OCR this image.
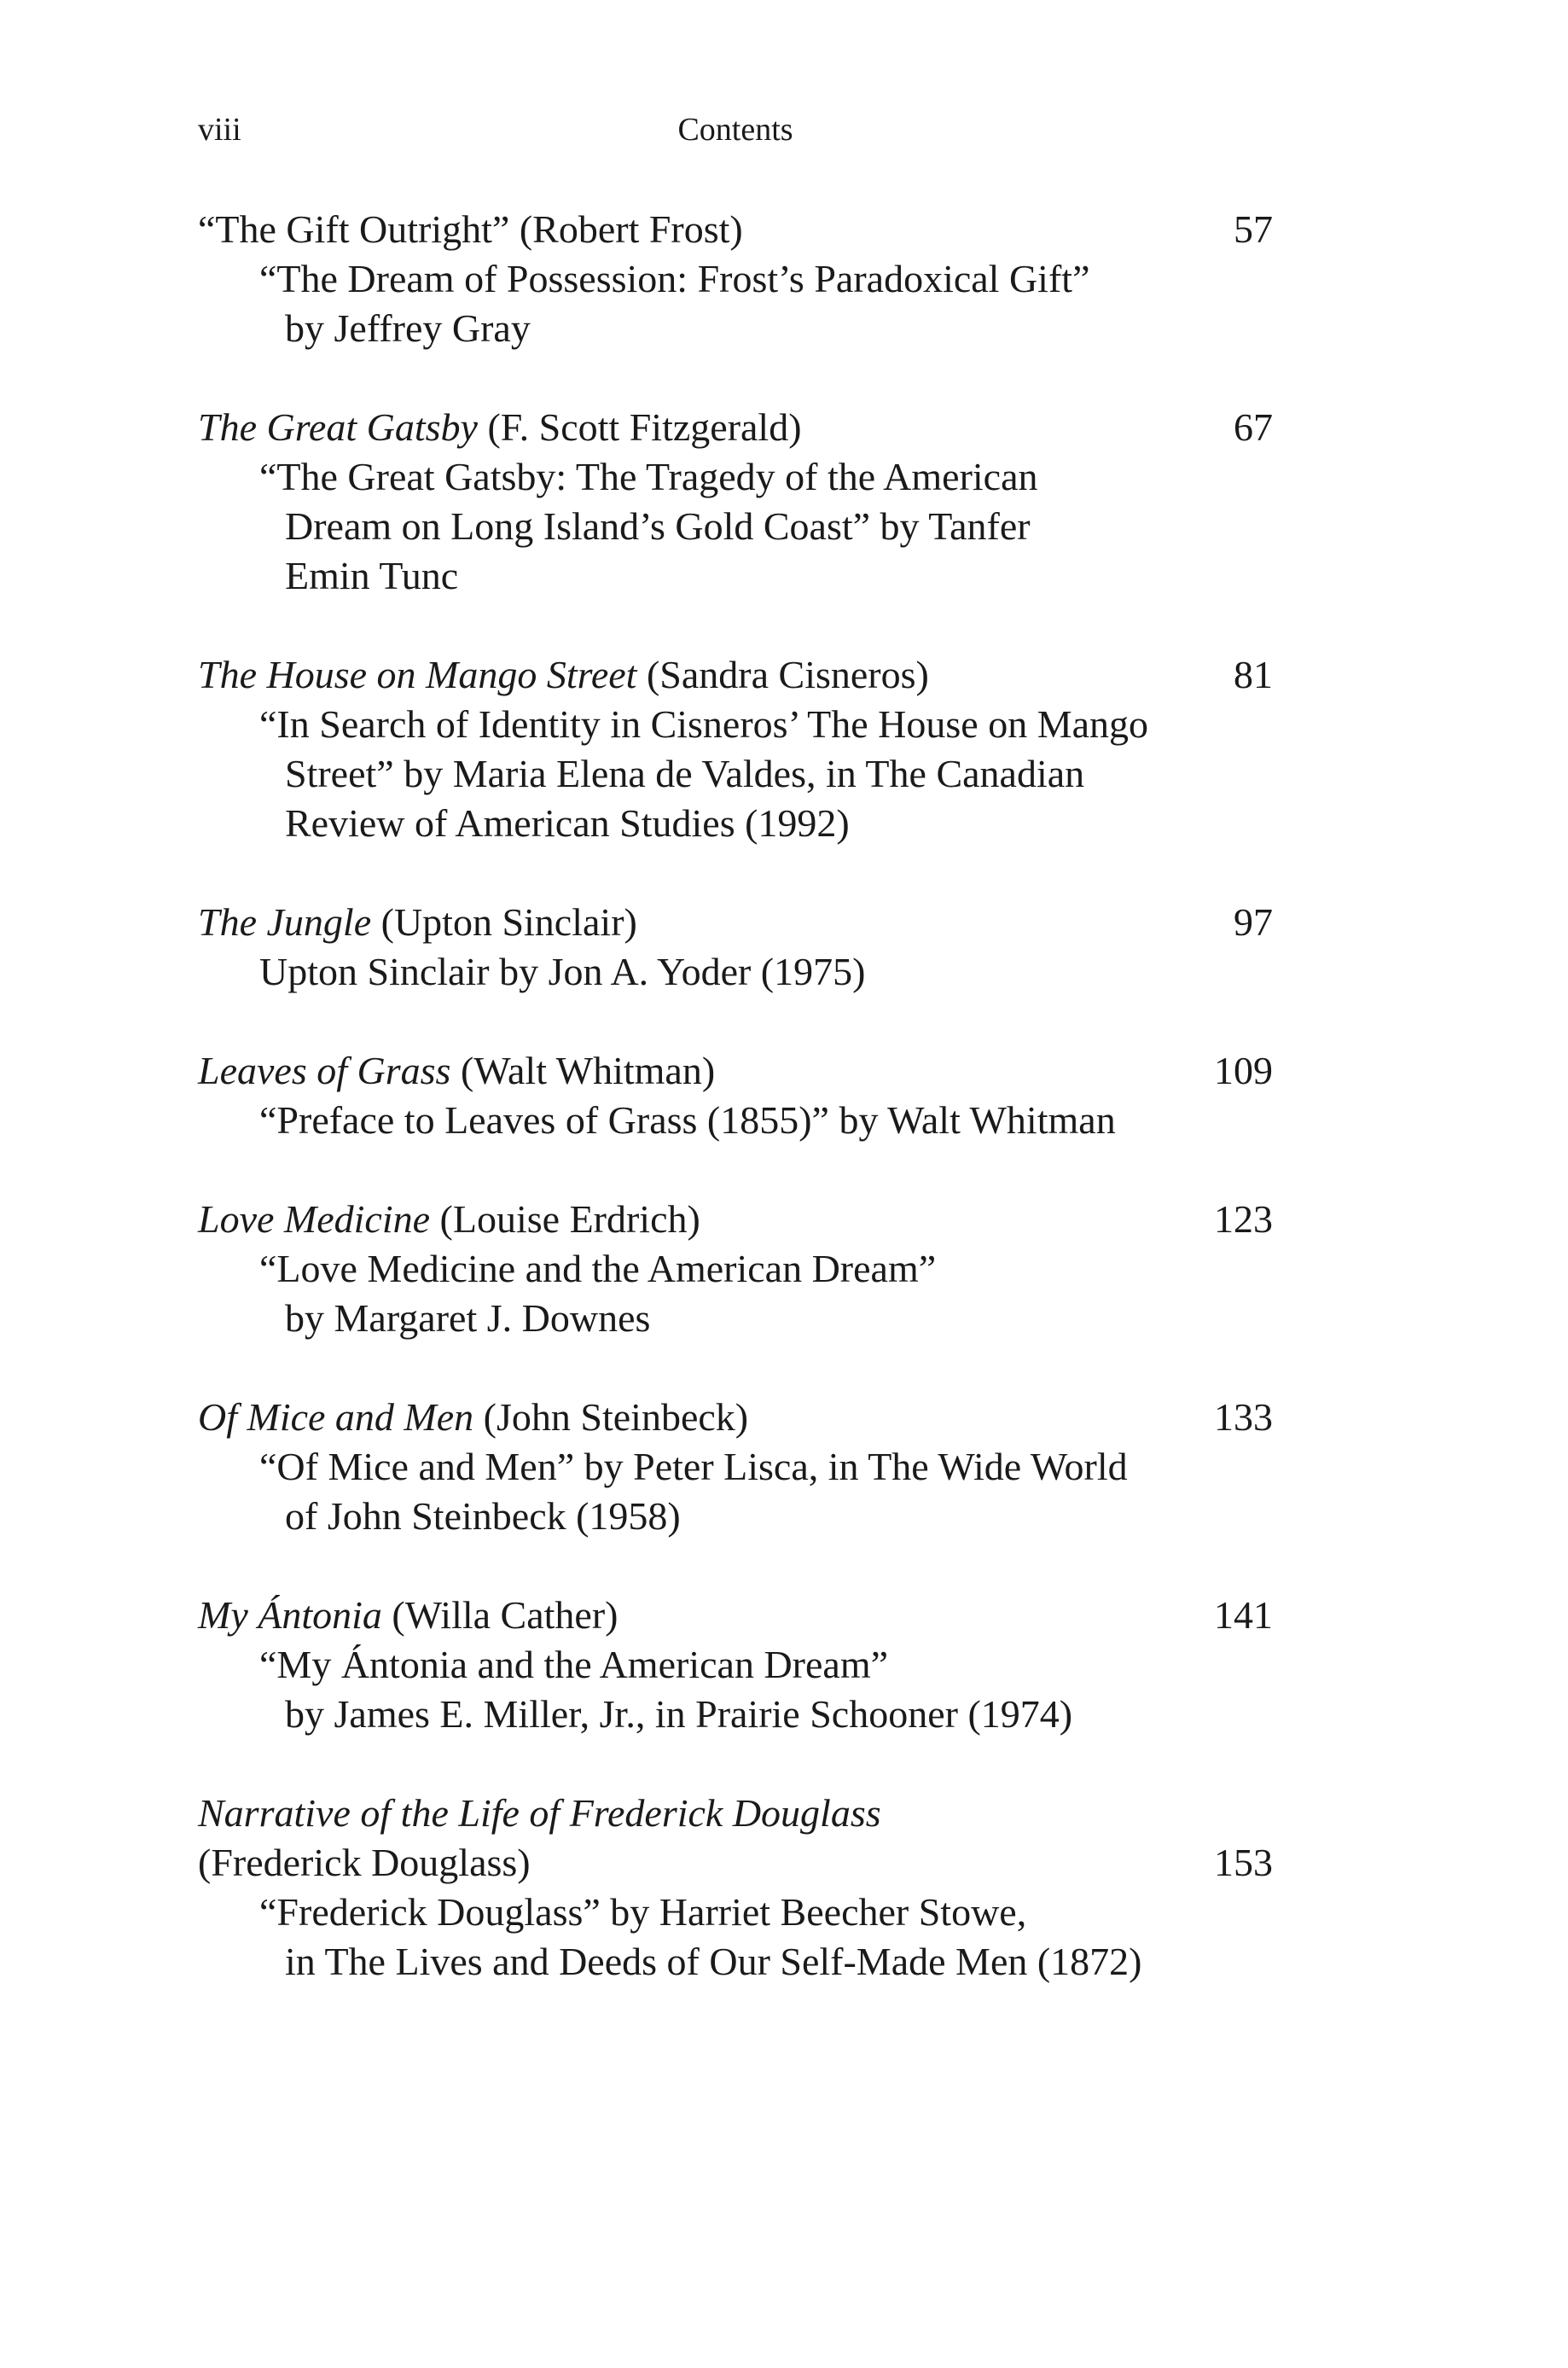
viii	Contents
“The Gift Outright” (Robert Frost)	57
“The Dream of Possession: Frost’s Paradoxical Gift”
by Jeffrey Gray
The Great Gatsby (F. Scott Fitzgerald)	67
“The Great Gatsby: The Tragedy of the American
Dream on Long Island’s Gold Coast” by Tanfer
Emin Tunc
The House on Mango Street (Sandra Cisneros)	81
“In Search of Identity in Cisneros’ The House on Mango
Street” by Maria Elena de Valdes, in The Canadian
Review of American Studies (1992)
The Jungle (Upton Sinclair)	97
Upton Sinclair by Jon A. Yoder (1975)
Leaves of Grass (Walt Whitman)	109
“Preface to Leaves of Grass (1855)” by Walt Whitman
Love Medicine (Louise Erdrich)	123
“Love Medicine and the American Dream”
by Margaret J. Downes
Of Mice and Men (John Steinbeck)	133
“Of Mice and Men” by Peter Lisca, in The Wide World
of John Steinbeck (1958)
My Ántonia (Willa Cather)	141
“My Ántonia and the American Dream”
by James E. Miller, Jr., in Prairie Schooner (1974)
Narrative of the Life of Frederick Douglass
(Frederick Douglass)	153
“Frederick Douglass” by Harriet Beecher Stowe,
in The Lives and Deeds of Our Self-Made Men (1872)
